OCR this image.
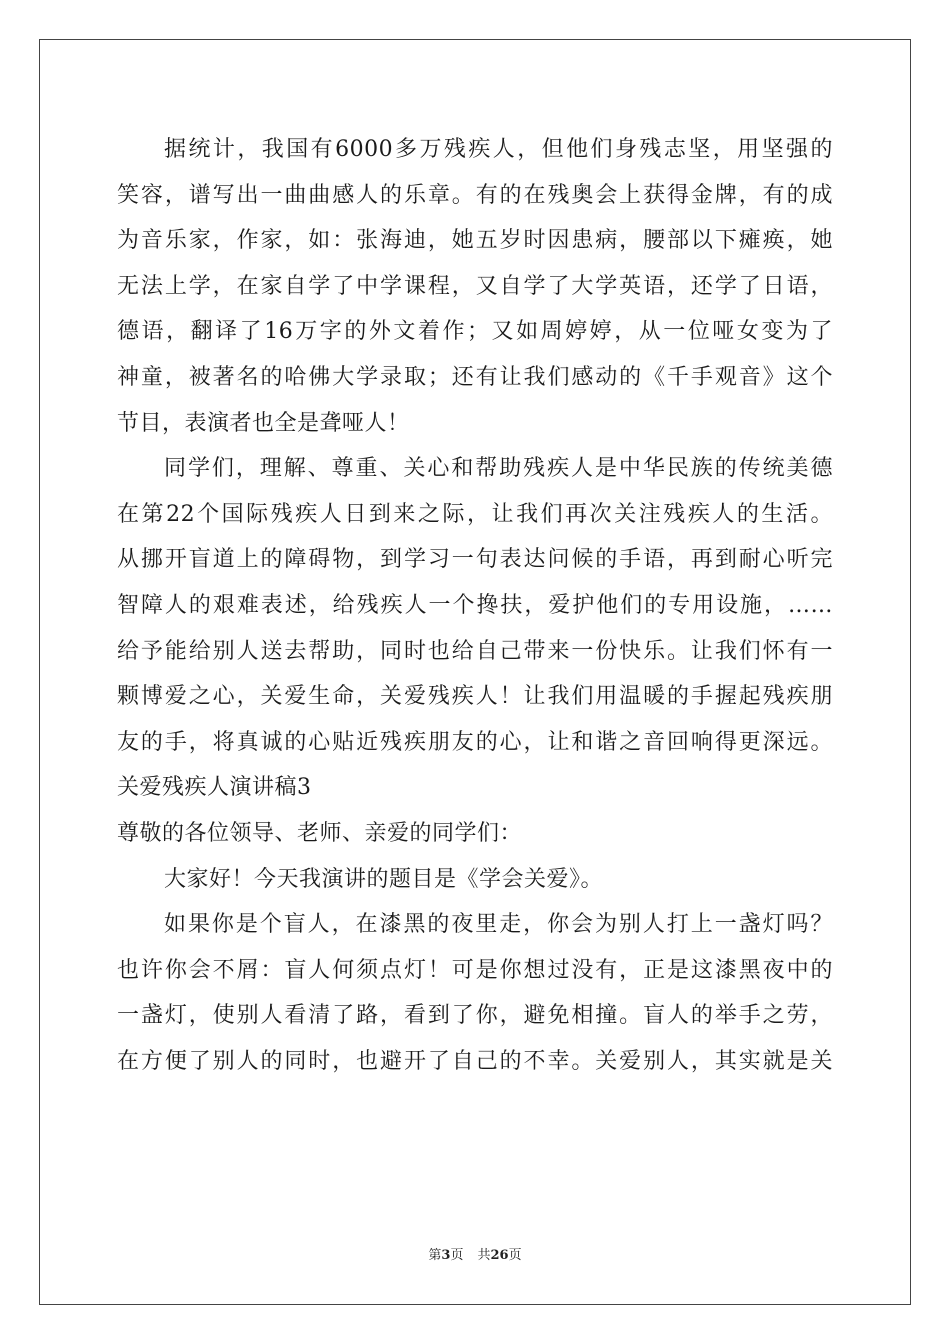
据统计，我国有6000多万残疾人，但他们身残志坚，用坚强的
笑容，谱写出一曲曲感人的乐章。有的在残奥会上获得金牌，有的成
为音乐家，作家，如：张海迪，她五岁时因患病，腰部以下瘫痪，她
无法上学，在家自学了中学课程，又自学了大学英语，还学了日语，
德语，翻译了16万字的外文着作；又如周婷婷，从一位哑女变为了
神童，被著名的哈佛大学录取；还有让我们感动的《千手观音》这个
节目，表演者也全是聋哑人！
同学们，理解、尊重、关心和帮助残疾人是中华民族的传统美德
在第22个国际残疾人日到来之际，让我们再次关注残疾人的生活。
从挪开盲道上的障碍物，到学习一句表达问候的手语，再到耐心听完
智障人的艰难表述，给残疾人一个搀扶，爱护他们的专用设施，……
给予能给别人送去帮助，同时也给自己带来一份快乐。让我们怀有一
颗博爱之心，关爱生命，关爱残疾人！让我们用温暖的手握起残疾朋
友的手，将真诚的心贴近残疾朋友的心，让和谐之音回响得更深远。
关爱残疾人演讲稿3
尊敬的各位领导、老师、亲爱的同学们：
大家好！今天我演讲的题目是《学会关爱》。
如果你是个盲人，在漆黑的夜里走，你会为别人打上一盏灯吗？
也许你会不屑：盲人何须点灯！可是你想过没有，正是这漆黑夜中的
一盏灯，使别人看清了路，看到了你，避免相撞。盲人的举手之劳，
在方便了别人的同时，也避开了自己的不幸。关爱别人，其实就是关
第3页 共26页
